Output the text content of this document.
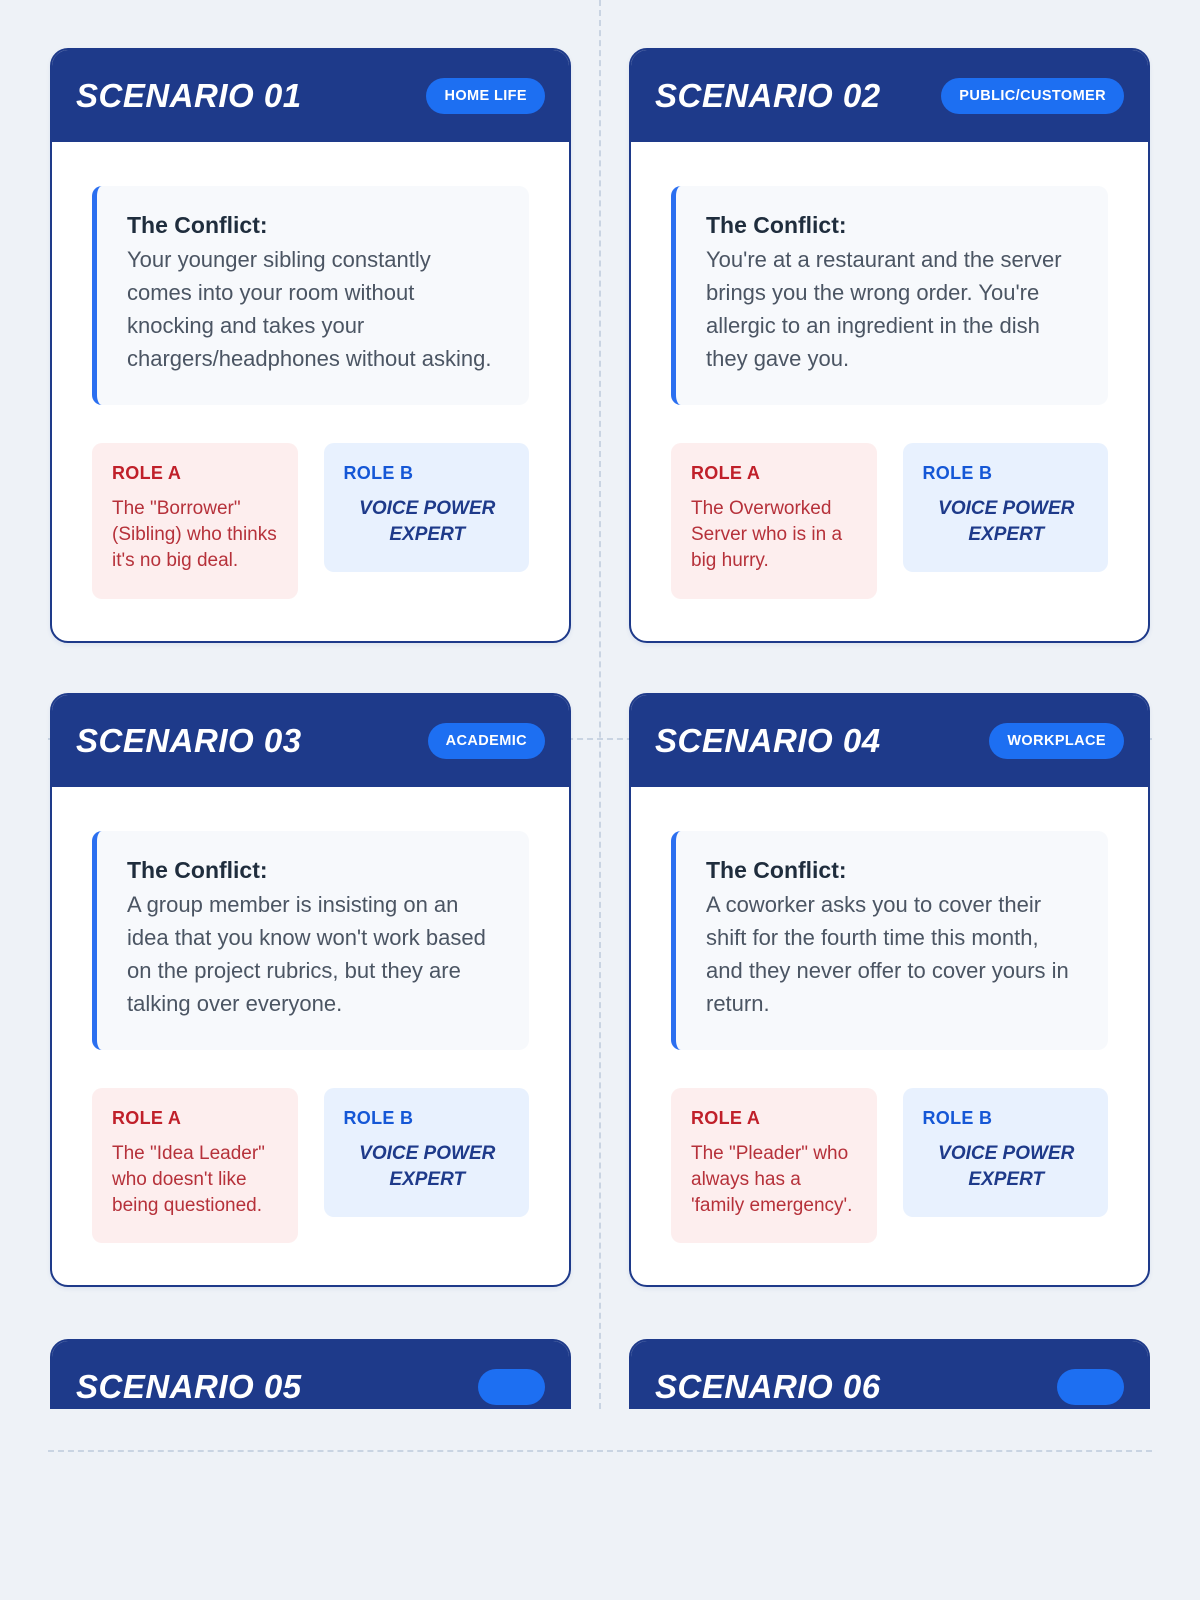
SCENARIO 01	HOME LIFE
The Conflict:
Your younger sibling constantly comes into your room without knocking and takes your chargers/headphones without asking.
ROLE A
The "Borrower" (Sibling) who thinks it's no big deal.
ROLE B
VOICE POWER EXPERT
SCENARIO 02	PUBLIC/CUSTOMER
The Conflict:
You're at a restaurant and the server brings you the wrong order. You're allergic to an ingredient in the dish they gave you.
ROLE A
The Overworked Server who is in a big hurry.
ROLE B
VOICE POWER EXPERT
SCENARIO 03	ACADEMIC
The Conflict:
A group member is insisting on an idea that you know won't work based on the project rubrics, but they are talking over everyone.
ROLE A
The "Idea Leader" who doesn't like being questioned.
ROLE B
VOICE POWER EXPERT
SCENARIO 04	WORKPLACE
The Conflict:
A coworker asks you to cover their shift for the fourth time this month, and they never offer to cover yours in return.
ROLE A
The "Pleader" who always has a 'family emergency'.
ROLE B
VOICE POWER EXPERT
SCENARIO 05
	SCENARIO 06
